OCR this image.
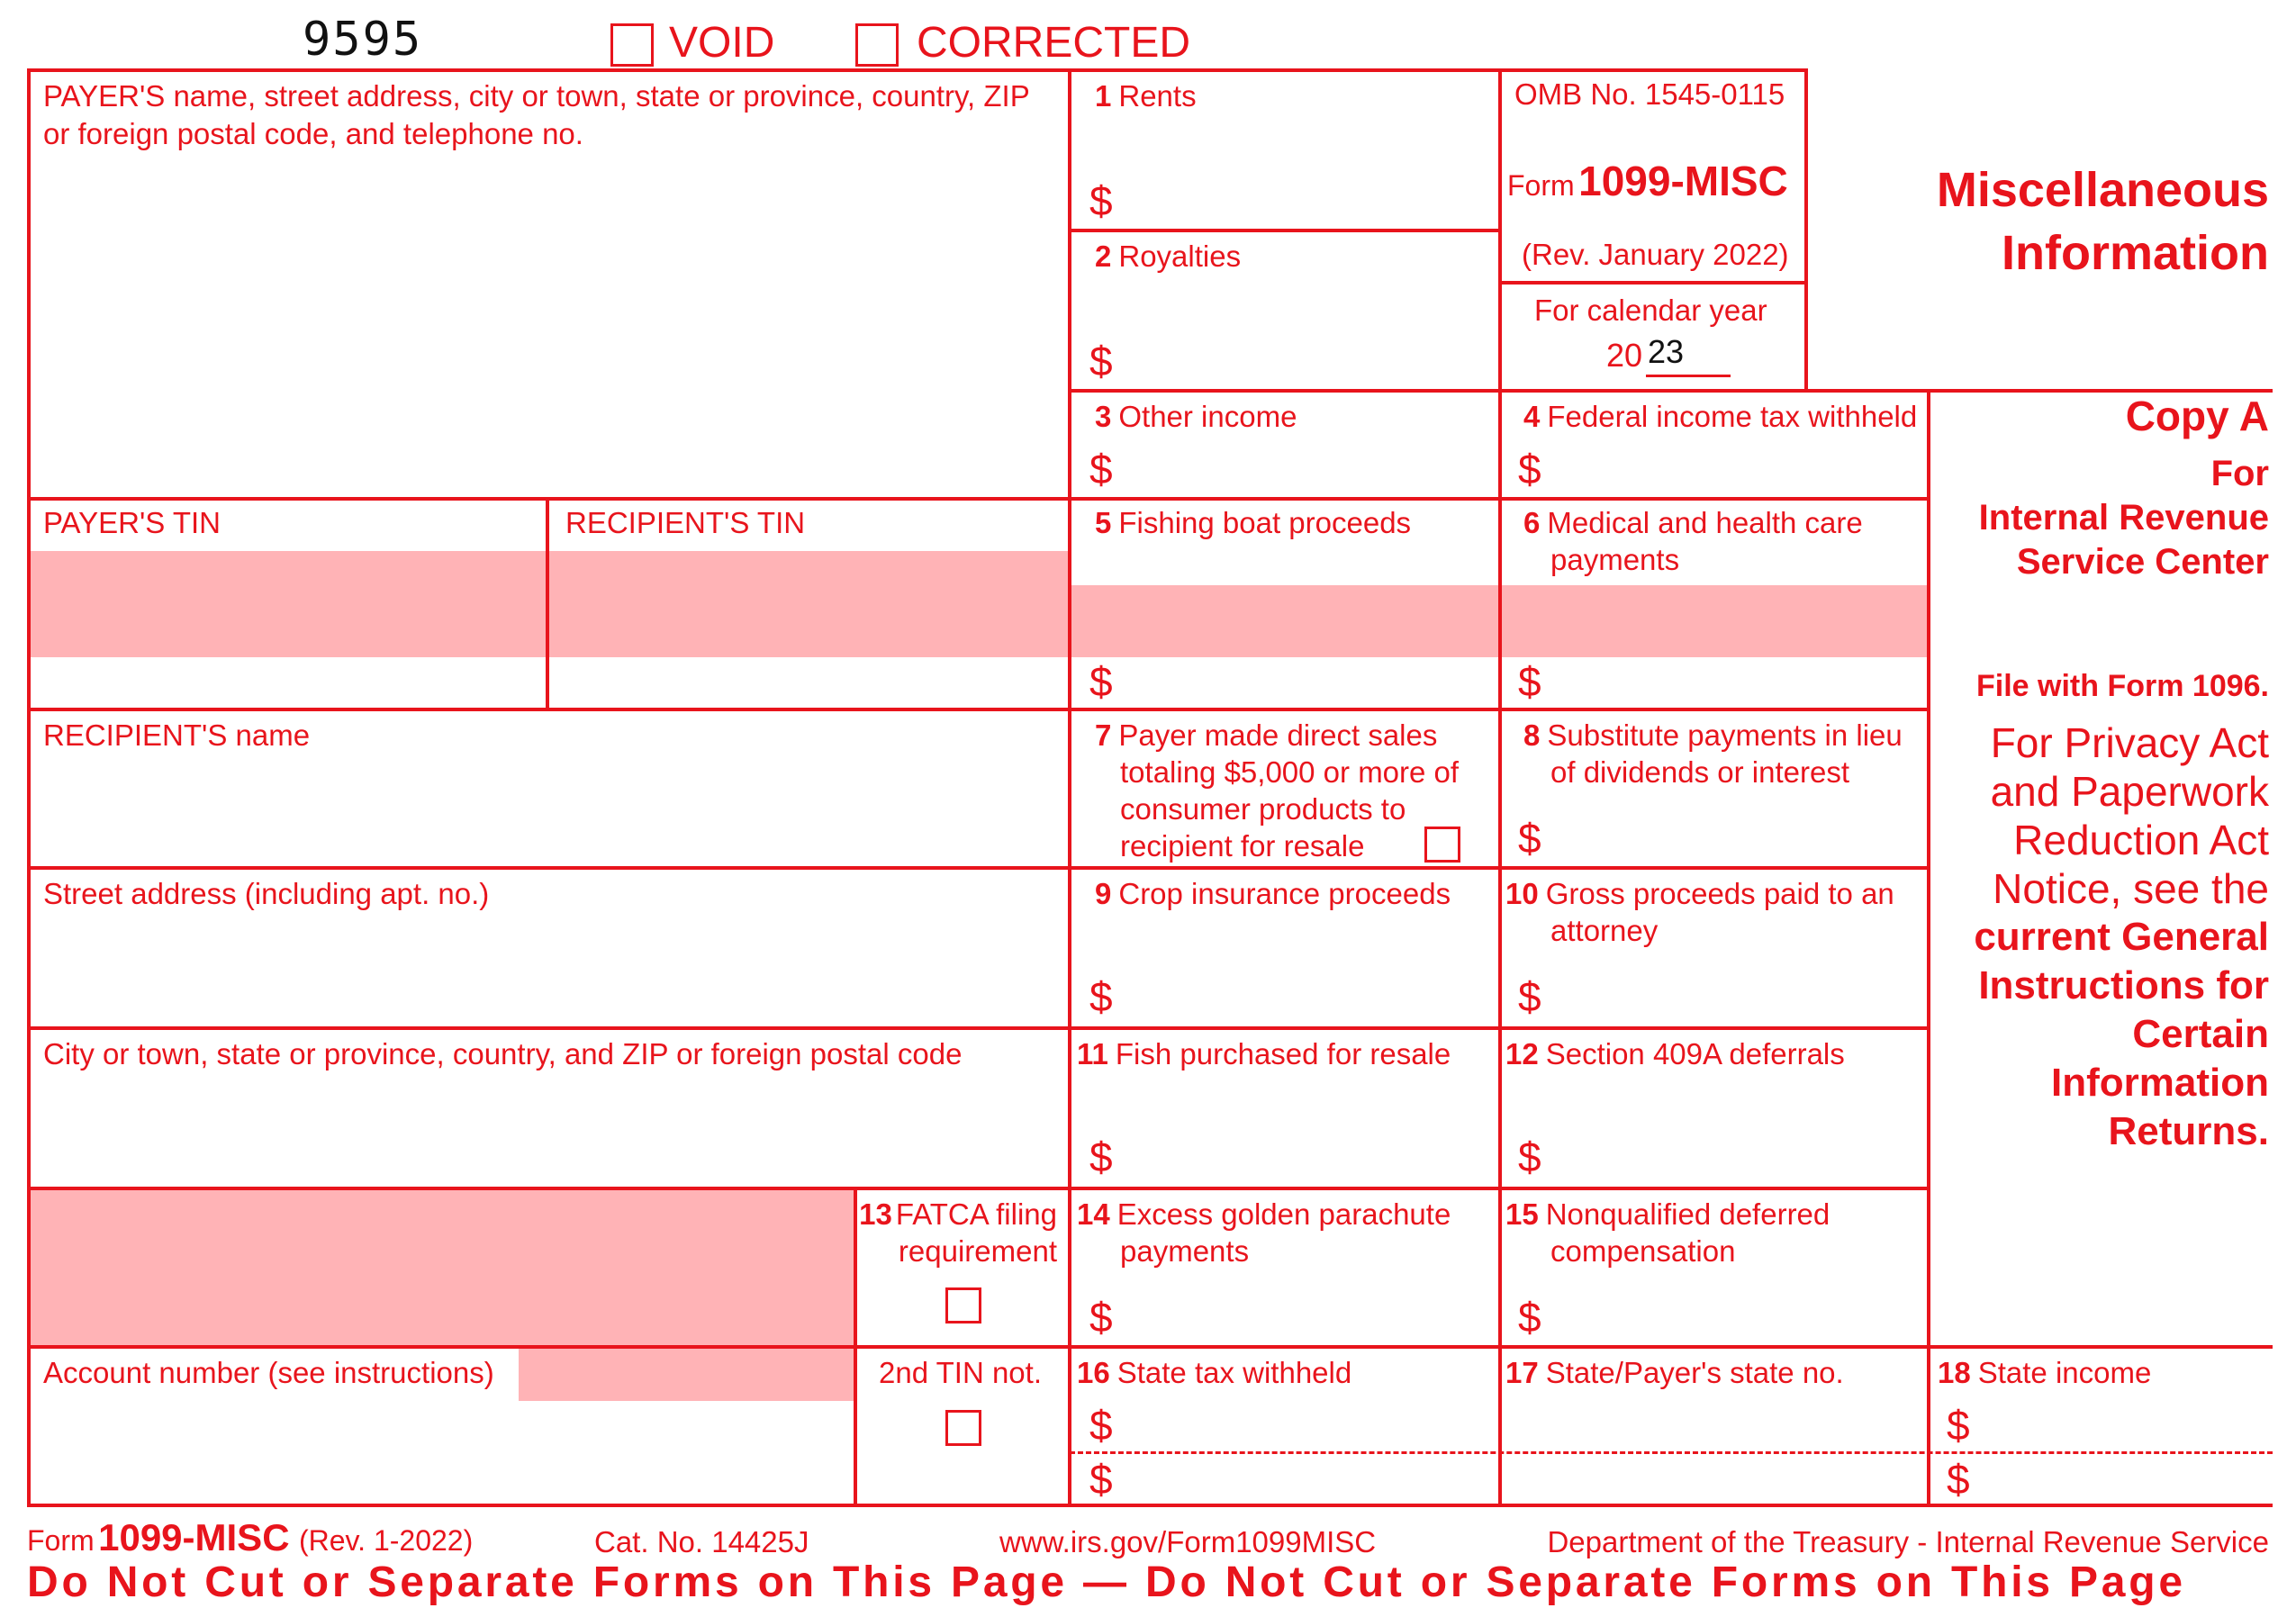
9595	VOID	CORRECTED
PAYER'S name, street address, city or town, state or province, country, ZIP or foreign postal code, and telephone no.
PAYER'S TIN	RECIPIENT'S TIN
RECIPIENT'S name
Street address (including apt. no.)
City or town, state or province, country, and ZIP or foreign postal code
13 FATCA filing
requirement
Account number (see instructions)	2nd TIN not.
1 Rents
$
2 Royalties
$
3 Other income
$
5 Fishing boat proceeds
$
7 Payer made direct sales
totaling $5,000 or more of
consumer products to
recipient for resale
9 Crop insurance proceeds
$
11 Fish purchased for resale
$
14 Excess golden parachute
payments
$
16 State tax withheld
$
$
OMB No. 1545-0115
Form 1099-MISC
(Rev. January 2022)
For calendar year
20 23
4 Federal income tax withheld
$
6 Medical and health care
payments
$
8 Substitute payments in lieu
of dividends or interest
$
10 Gross proceeds paid to an
attorney
$
12 Section 409A deferrals
$
15 Nonqualified deferred
compensation
$
17 State/Payer's state no.	18 State income
$
$
Miscellaneous
Information
Copy A
For
Internal Revenue
Service Center
File with Form 1096.
For Privacy Act
and Paperwork
Reduction Act
Notice, see the
current General
Instructions for
Certain
Information
Returns.
Form 1099-MISC (Rev. 1-2022)	Cat. No. 14425J	www.irs.gov/Form1099MISC	Department of the Treasury - Internal Revenue Service
Do Not Cut or Separate Forms on This Page — Do Not Cut or Separate Forms on This Page
